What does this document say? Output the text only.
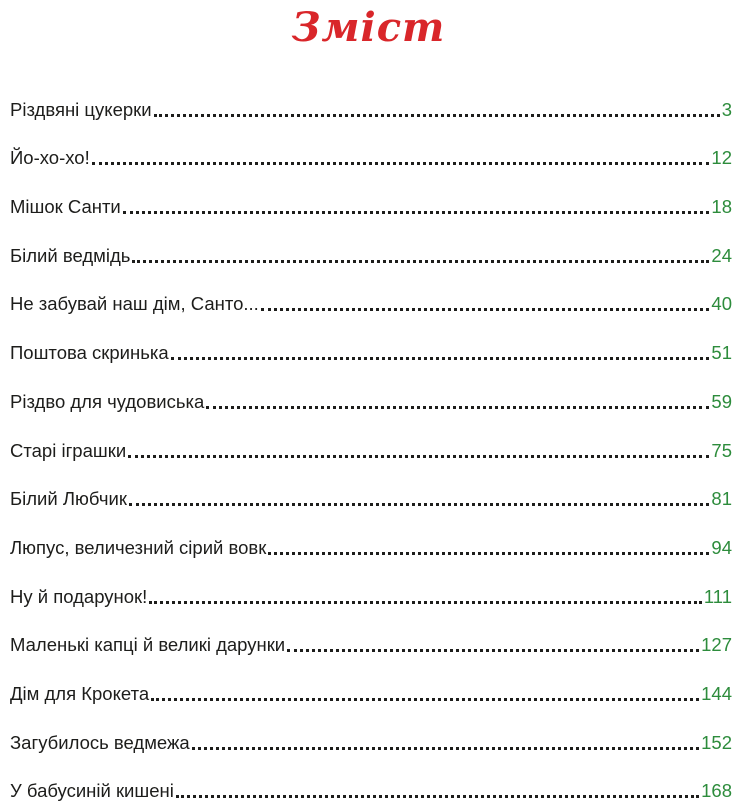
Зміст
Різдвяні цукерки	3
Йо-хо-хо!	12
Мішок Санти	18
Білий ведмідь	24
Не забувай наш дім, Санто...	40
Поштова скринька	51
Різдво для чудовиська	59
Старі іграшки	75
Білий Любчик	81
Люпус, величезний сірий вовк	94
Ну й подарунок!	111
Маленькі капці й великі дарунки	127
Дім для Крокета	144
Загубилось ведмежа	152
У бабусиній кишені	168
